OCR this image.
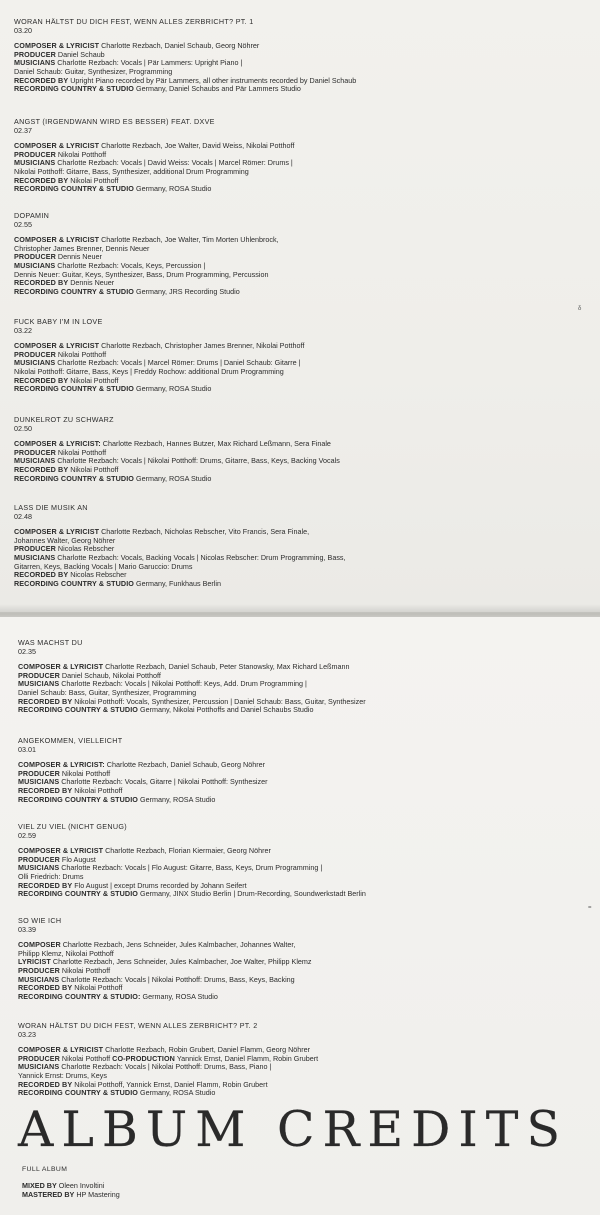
δ
WORAN HÄLTST DU DICH FEST, WENN ALLES ZERBRICHT? PT. 1
03.20
COMPOSER & LYRICIST Charlotte Rezbach, Daniel Schaub, Georg Nöhrer
PRODUCER Daniel Schaub
MUSICIANS Charlotte Rezbach: Vocals | Pär Lammers: Upright Piano |
Daniel Schaub: Guitar, Synthesizer, Programming
RECORDED BY Upright Piano recorded by Pär Lammers, all other instruments recorded by Daniel Schaub
RECORDING COUNTRY & STUDIO Germany, Daniel Schaubs and Pär Lammers Studio
ANGST (IRGENDWANN WIRD ES BESSER) FEAT. DXVE
02.37
COMPOSER & LYRICIST Charlotte Rezbach, Joe Walter, David Weiss, Nikolai Potthoff
PRODUCER Nikolai Potthoff
MUSICIANS Charlotte Rezbach: Vocals | David Weiss: Vocals | Marcel Römer: Drums |
Nikolai Potthoff: Gitarre, Bass, Synthesizer, additional Drum Programming
RECORDED BY Nikolai Potthoff
RECORDING COUNTRY & STUDIO Germany, ROSA Studio
DOPAMIN
02.55
COMPOSER & LYRICIST Charlotte Rezbach, Joe Walter, Tim Morten Uhlenbrock,
Christopher James Brenner, Dennis Neuer
PRODUCER Dennis Neuer
MUSICIANS Charlotte Rezbach: Vocals, Keys, Percussion |
Dennis Neuer: Guitar, Keys, Synthesizer, Bass, Drum Programming, Percussion
RECORDED BY Dennis Neuer
RECORDING COUNTRY & STUDIO Germany, JRS Recording Studio
FUCK BABY I'M IN LOVE
03.22
COMPOSER & LYRICIST Charlotte Rezbach, Christopher James Brenner, Nikolai Potthoff
PRODUCER Nikolai Potthoff
MUSICIANS Charlotte Rezbach: Vocals | Marcel Römer: Drums | Daniel Schaub: Gitarre |
Nikolai Potthoff: Gitarre, Bass, Keys | Freddy Rochow: additional Drum Programming
RECORDED BY Nikolai Potthoff
RECORDING COUNTRY & STUDIO Germany, ROSA Studio
DUNKELROT ZU SCHWARZ
02.50
COMPOSER & LYRICIST: Charlotte Rezbach, Hannes Butzer, Max Richard Leßmann, Sera Finale
PRODUCER Nikolai Potthoff
MUSICIANS Charlotte Rezbach: Vocals | Nikolai Potthoff: Drums, Gitarre, Bass, Keys, Backing Vocals
RECORDED BY Nikolai Potthoff
RECORDING COUNTRY & STUDIO Germany, ROSA Studio
LASS DIE MUSIK AN
02.48
COMPOSER & LYRICIST Charlotte Rezbach, Nicholas Rebscher, Vito Francis, Sera Finale,
Johannes Walter, Georg Nöhrer
PRODUCER Nicolas Rebscher
MUSICIANS Charlotte Rezbach: Vocals, Backing Vocals | Nicolas Rebscher: Drum Programming, Bass,
Gitarren, Keys, Backing Vocals | Mario Garuccio: Drums
RECORDED BY Nicolas Rebscher
RECORDING COUNTRY & STUDIO Germany, Funkhaus Berlin
=
WAS MACHST DU
02.35
COMPOSER & LYRICIST Charlotte Rezbach, Daniel Schaub, Peter Stanowsky, Max Richard Leßmann
PRODUCER Daniel Schaub, Nikolai Potthoff
MUSICIANS Charlotte Rezbach: Vocals | Nikolai Potthoff: Keys, Add. Drum Programming |
Daniel Schaub: Bass, Guitar, Synthesizer, Programming
RECORDED BY Nikolai Potthoff: Vocals, Synthesizer, Percussion | Daniel Schaub: Bass, Guitar, Synthesizer
RECORDING COUNTRY & STUDIO Germany, Nikolai Potthoffs and Daniel Schaubs Studio
ANGEKOMMEN, VIELLEICHT
03.01
COMPOSER & LYRICIST: Charlotte Rezbach, Daniel Schaub, Georg Nöhrer
PRODUCER Nikolai Potthoff
MUSICIANS Charlotte Rezbach: Vocals, Gitarre | Nikolai Potthoff: Synthesizer
RECORDED BY Nikolai Potthoff
RECORDING COUNTRY & STUDIO Germany, ROSA Studio
VIEL ZU VIEL (NICHT GENUG)
02.59
COMPOSER & LYRICIST Charlotte Rezbach, Florian Kiermaier, Georg Nöhrer
PRODUCER Flo August
MUSICIANS Charlotte Rezbach: Vocals | Flo August: Gitarre, Bass, Keys, Drum Programming |
Olli Friedrich: Drums
RECORDED BY Flo August | except Drums recorded by Johann Seifert
RECORDING COUNTRY & STUDIO Germany, JINX Studio Berlin | Drum-Recording, Soundwerkstadt Berlin
SO WIE ICH
03.39
COMPOSER Charlotte Rezbach, Jens Schneider, Jules Kalmbacher, Johannes Walter,
Philipp Klemz, Nikolai Potthoff
LYRICIST Charlotte Rezbach, Jens Schneider, Jules Kalmbacher, Joe Walter, Philipp Klemz
PRODUCER Nikolai Potthoff
MUSICIANS Charlotte Rezbach: Vocals | Nikolai Potthoff: Drums, Bass, Keys, Backing
RECORDED BY Nikolai Potthoff
RECORDING COUNTRY & STUDIO: Germany, ROSA Studio
WORAN HÄLTST DU DICH FEST, WENN ALLES ZERBRICHT? PT. 2
03.23
COMPOSER & LYRICIST Charlotte Rezbach, Robin Grubert, Daniel Flamm, Georg Nöhrer
PRODUCER Nikolai Potthoff CO-PRODUCTION Yannick Ernst, Daniel Flamm, Robin Grubert
MUSICIANS Charlotte Rezbach: Vocals | Nikolai Potthoff: Drums, Bass, Piano |
Yannick Ernst: Drums, Keys
RECORDED BY Nikolai Potthoff, Yannick Ernst, Daniel Flamm, Robin Grubert
RECORDING COUNTRY & STUDIO Germany, ROSA Studio
ALBUM CREDITS
FULL ALBUM
MIXED BY Oleen Involtini
MASTERED BY HP Mastering
